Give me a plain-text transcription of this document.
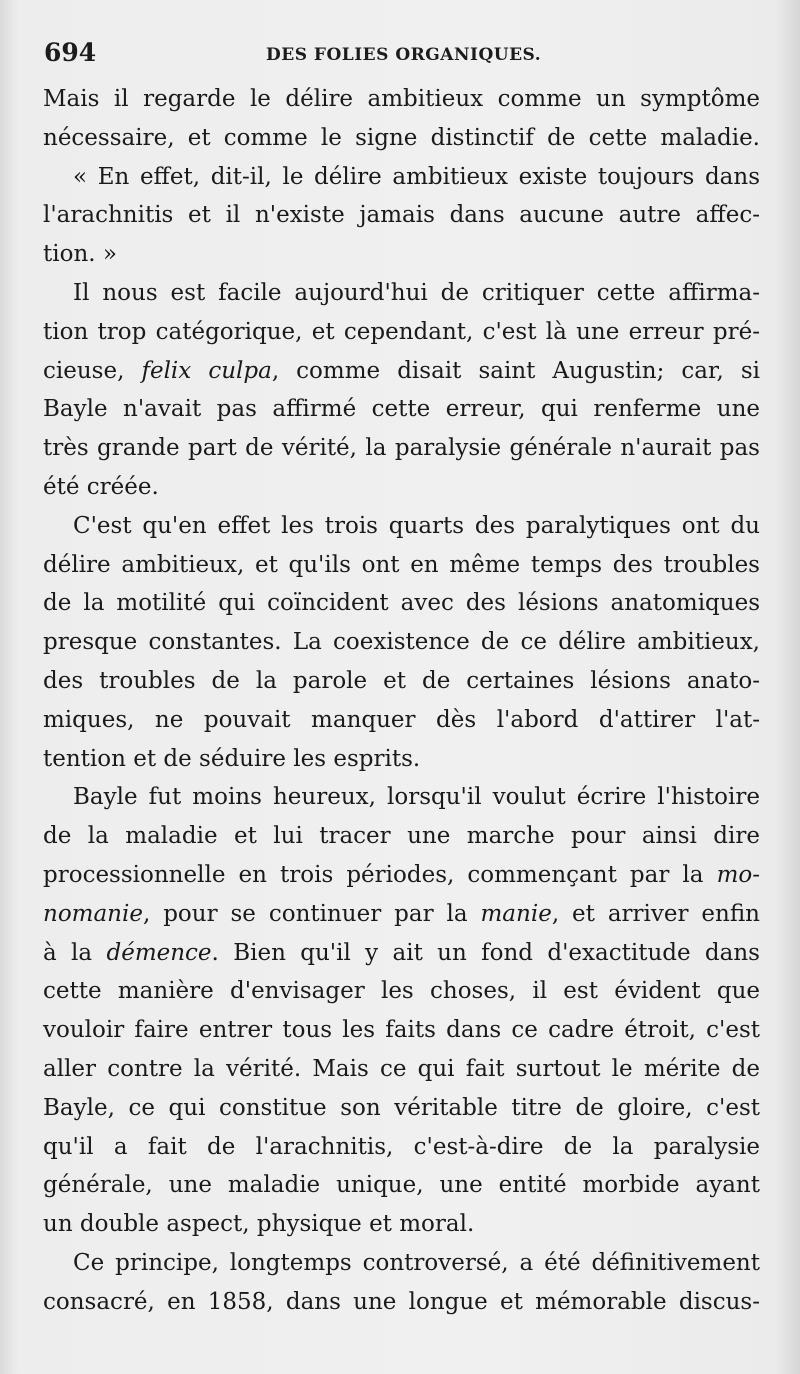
694	DES FOLIES ORGANIQUES.
Mais il regarde le délire ambitieux comme un symptôme
nécessaire, et comme le signe distinctif de cette maladie.
« En effet, dit-il, le délire ambitieux existe toujours dans
l'arachnitis et il n'existe jamais dans aucune autre affec-
tion. »
Il nous est facile aujourd'hui de critiquer cette affirma-
tion trop catégorique, et cependant, c'est là une erreur pré-
cieuse, felix culpa, comme disait saint Augustin; car, si
Bayle n'avait pas affirmé cette erreur, qui renferme une
très grande part de vérité, la paralysie générale n'aurait pas
été créée.
C'est qu'en effet les trois quarts des paralytiques ont du
délire ambitieux, et qu'ils ont en même temps des troubles
de la motilité qui coïncident avec des lésions anatomiques
presque constantes. La coexistence de ce délire ambitieux,
des troubles de la parole et de certaines lésions anato-
miques, ne pouvait manquer dès l'abord d'attirer l'at-
tention et de séduire les esprits.
Bayle fut moins heureux, lorsqu'il voulut écrire l'histoire
de la maladie et lui tracer une marche pour ainsi dire
processionnelle en trois périodes, commençant par la mo-
nomanie, pour se continuer par la manie, et arriver enfin
à la démence. Bien qu'il y ait un fond d'exactitude dans
cette manière d'envisager les choses, il est évident que
vouloir faire entrer tous les faits dans ce cadre étroit, c'est
aller contre la vérité. Mais ce qui fait surtout le mérite de
Bayle, ce qui constitue son véritable titre de gloire, c'est
qu'il a fait de l'arachnitis, c'est-à-dire de la paralysie
générale, une maladie unique, une entité morbide ayant
un double aspect, physique et moral.
Ce principe, longtemps controversé, a été définitivement
consacré, en 1858, dans une longue et mémorable discus-
